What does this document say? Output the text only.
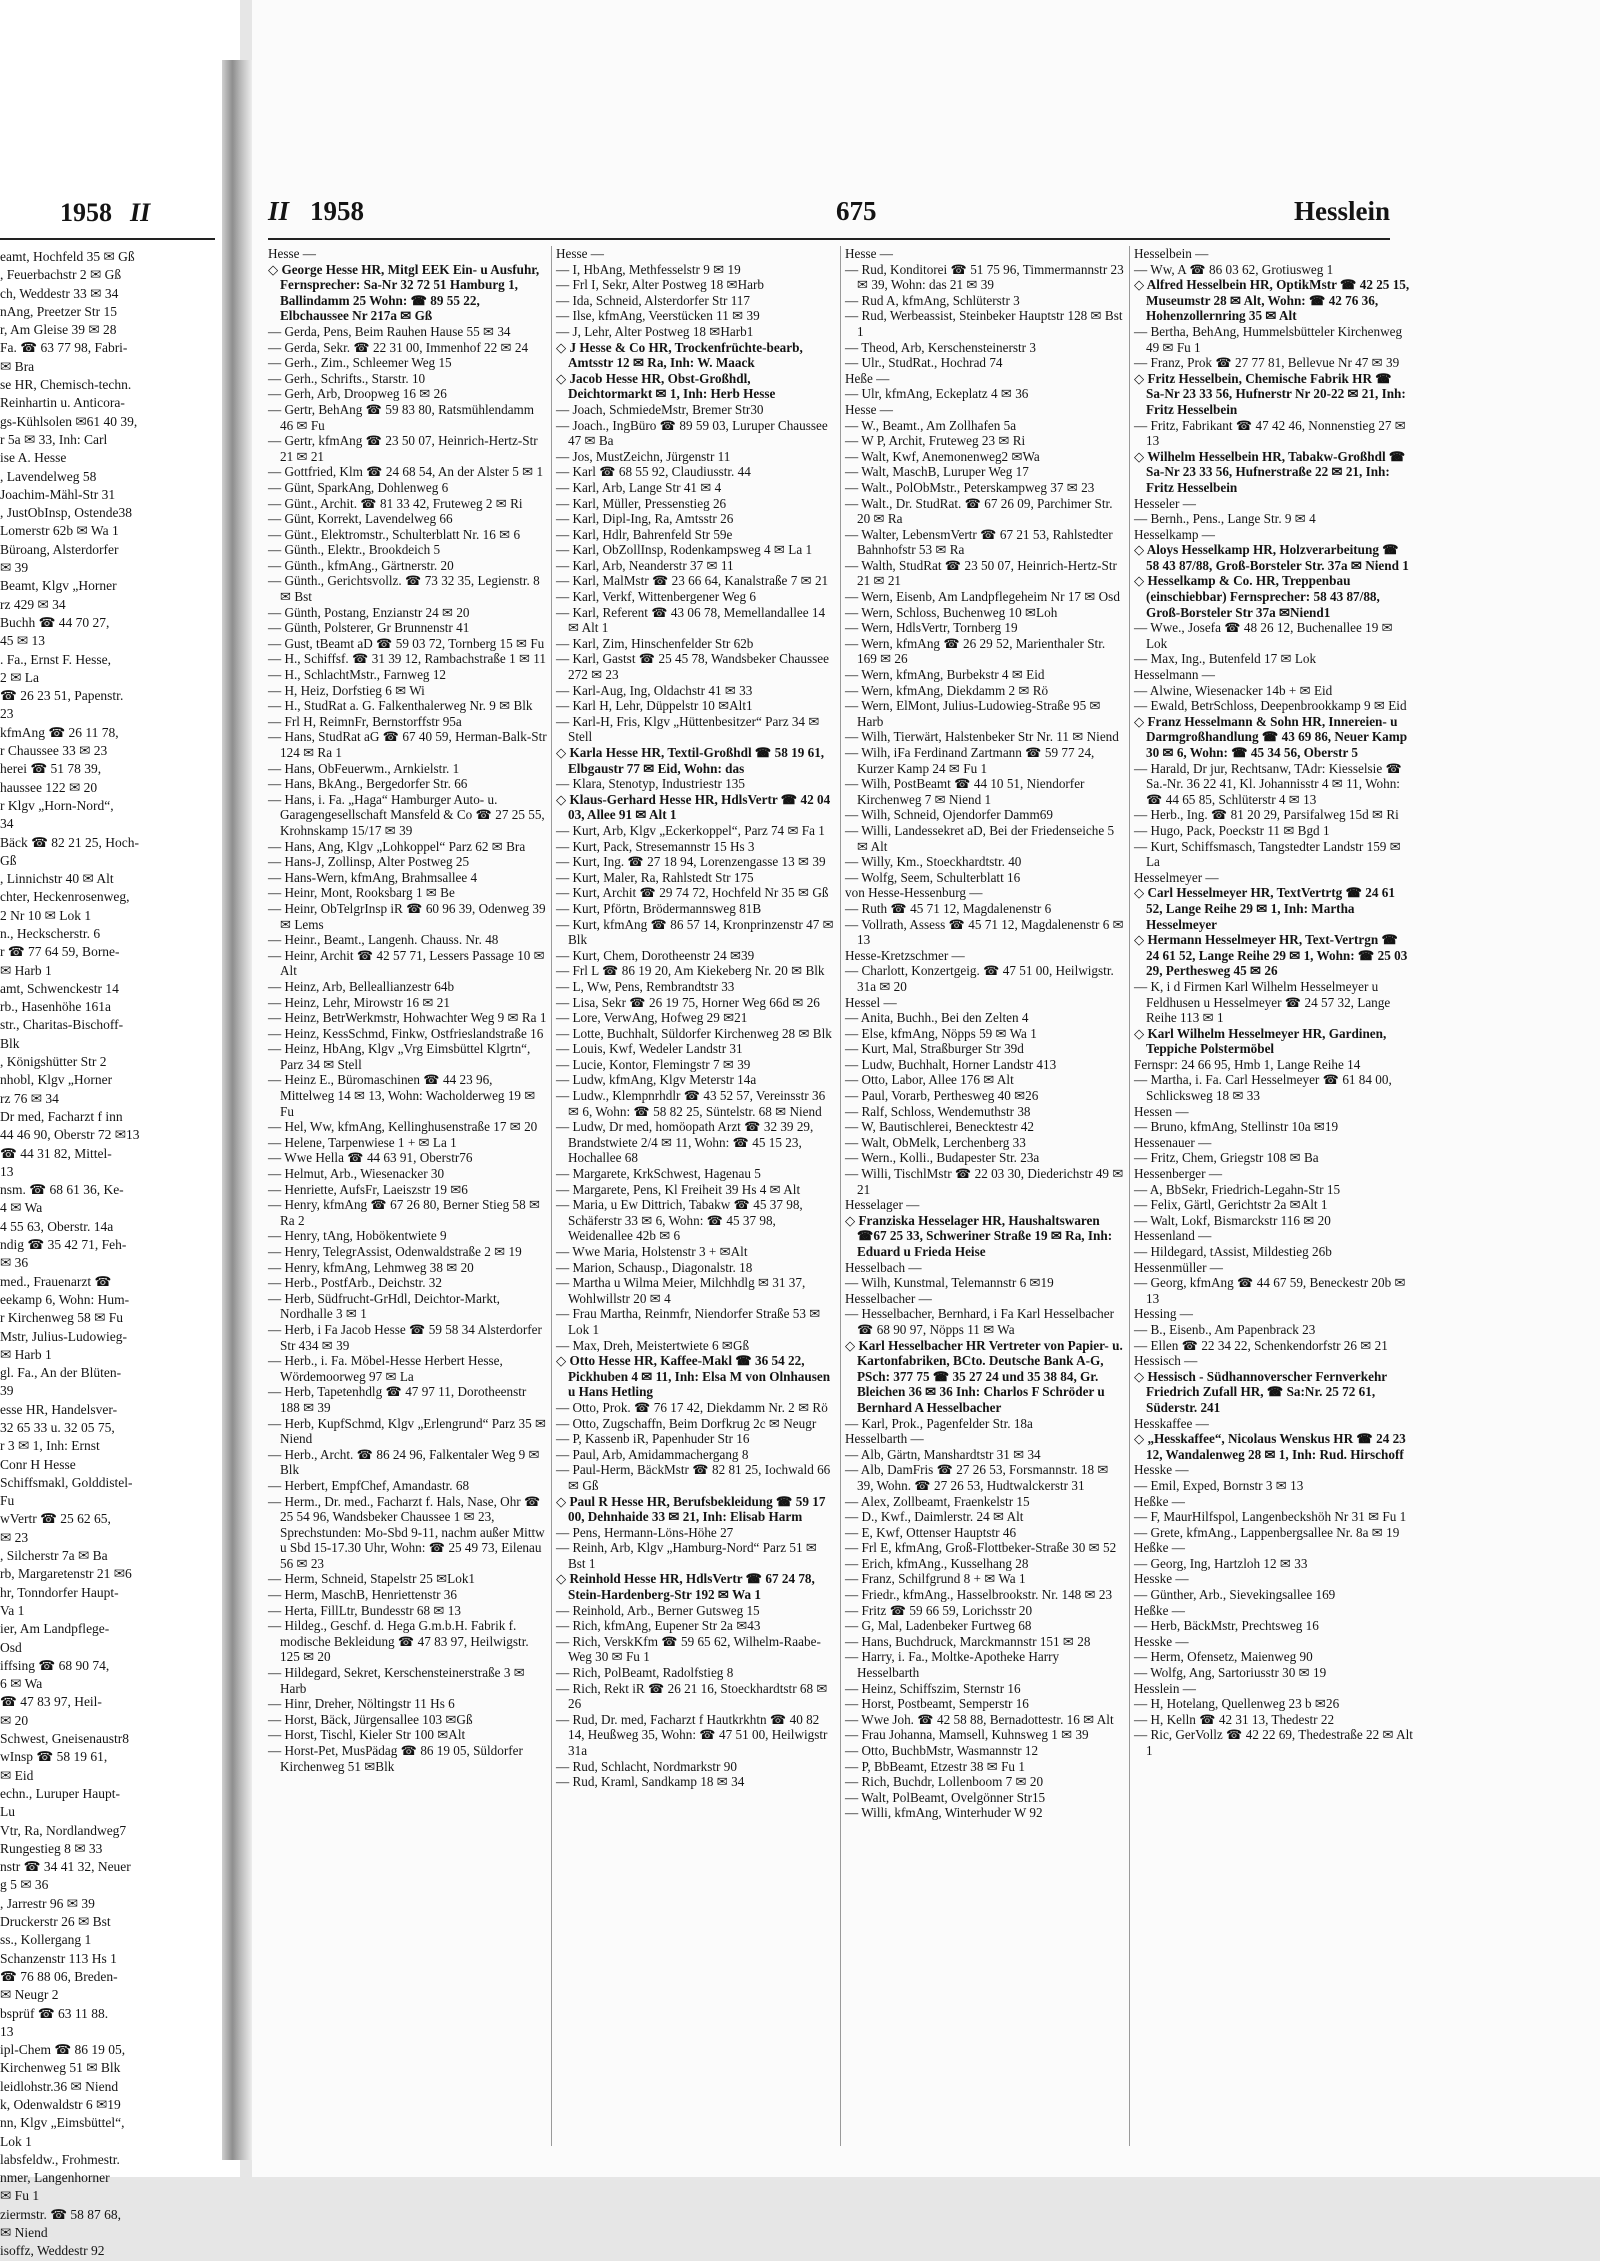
1958 II
eamt, Hochfeld 35 ✉ Gß
, Feuerbachstr 2 ✉ Gß
ch, Weddestr 33 ✉ 34
nAng, Preetzer Str 15
r, Am Gleise 39 ✉ 28
Fa. ☎ 63 77 98, Fabri-
✉ Bra
se HR, Chemisch-techn.
Reinhartin u. Anticora-
gs-Kühlsolen ✉61 40 39,
r 5a ✉ 33, Inh: Carl
ise A. Hesse
, Lavendelweg 58
Joachim-Mähl-Str 31
, JustObInsp, Ostende38
Lomerstr 62b ✉ Wa 1
Büroang, Alsterdorfer
✉ 39
Beamt, Klgv „Horner
rz 429 ✉ 34
Buchh ☎ 44 70 27,
45 ✉ 13
. Fa., Ernst F. Hesse,
2 ✉ La
☎ 26 23 51, Papenstr.
23
kfmAng ☎ 26 11 78,
r Chaussee 33 ✉ 23
herei ☎ 51 78 39,
haussee 122 ✉ 20
r Klgv „Horn-Nord“,
34
Bäck ☎ 82 21 25, Hoch-
Gß
, Linnichstr 40 ✉ Alt
chter, Heckenrosenweg,
2 Nr 10 ✉ Lok 1
n., Heckscherstr. 6
r ☎ 77 64 59, Borne-
✉ Harb 1
amt, Schwenckestr 14
rb., Hasenhöhe 161a
str., Charitas-Bischoff-
Blk
, Königshütter Str 2
nhobl, Klgv „Horner
rz 76 ✉ 34
Dr med, Facharzt f inn
44 46 90, Oberstr 72 ✉13
☎ 44 31 82, Mittel-
13
nsm. ☎ 68 61 36, Ke-
4 ✉ Wa
4 55 63, Oberstr. 14a
ndig ☎ 35 42 71, Feh-
✉ 36
med., Frauenarzt ☎
eekamp 6, Wohn: Hum-
r Kirchenweg 58 ✉ Fu
Mstr, Julius-Ludowieg-
✉ Harb 1
gl. Fa., An der Blüten-
39
esse HR, Handelsver-
32 65 33 u. 32 05 75,
r 3 ✉ 1, Inh: Ernst
Conr H Hesse
Schiffsmakl, Golddistel-
Fu
wVertr ☎ 25 62 65,
✉ 23
, Silcherstr 7a ✉ Ba
rb, Margaretenstr 21 ✉6
hr, Tonndorfer Haupt-
Va 1
ier, Am Landpflege-
Osd
iffsing ☎ 68 90 74,
6 ✉ Wa
☎ 47 83 97, Heil-
✉ 20
Schwest, Gneisenaustr8
wInsp ☎ 58 19 61,
✉ Eid
echn., Luruper Haupt-
Lu
Vtr, Ra, Nordlandweg7
Rungestieg 8 ✉ 33
nstr ☎ 34 41 32, Neuer
g 5 ✉ 36
, Jarrestr 96 ✉ 39
Druckerstr 26 ✉ Bst
ss., Kollergang 1
Schanzenstr 113 Hs 1
☎ 76 88 06, Breden-
✉ Neugr 2
bsprüf ☎ 63 11 88.
13
ipl-Chem ☎ 86 19 05,
Kirchenweg 51 ✉ Blk
leidlohstr.36 ✉ Niend
k, Odenwaldstr 6 ✉19
nn, Klgv „Eimsbüttel“,
Lok 1
labsfeldw., Frohmestr.
nmer, Langenhorner
✉ Fu 1
ziermstr. ☎ 58 87 68,
✉ Niend
isoffz, Weddestr 92
II 1958	675	Hesslein
Hesse —
◇ George Hesse HR, Mitgl EEK Ein- u Ausfuhr, Fernsprecher: Sa-Nr 32 72 51 Hamburg 1, Ballindamm 25 Wohn: ☎ 89 55 22, Elbchaussee Nr 217a ✉ Gß
— Gerda, Pens, Beim Rauhen Hause 55 ✉ 34
— Gerda, Sekr. ☎ 22 31 00, Immenhof 22 ✉ 24
— Gerh., Zim., Schleemer Weg 15
— Gerh., Schrifts., Starstr. 10
— Gerh, Arb, Droopweg 16 ✉ 26
— Gertr, BehAng ☎ 59 83 80, Ratsmühlendamm 46 ✉ Fu
— Gertr, kfmAng ☎ 23 50 07, Heinrich-Hertz-Str 21 ✉ 21
— Gottfried, Klm ☎ 24 68 54, An der Alster 5 ✉ 1
— Günt, SparkAng, Dohlenweg 6
— Günt., Archit. ☎ 81 33 42, Fruteweg 2 ✉ Ri
— Günt, Korrekt, Lavendelweg 66
— Günt., Elektromstr., Schulterblatt Nr. 16 ✉ 6
— Günth., Elektr., Brookdeich 5
— Günth., kfmAng., Gärtnerstr. 20
— Günth., Gerichtsvollz. ☎ 73 32 35, Legienstr. 8 ✉ Bst
— Günth, Postang, Enzianstr 24 ✉ 20
— Günth, Polsterer, Gr Brunnenstr 41
— Gust, tBeamt aD ☎ 59 03 72, Tornberg 15 ✉ Fu
— H., Schiffsf. ☎ 31 39 12, Rambachstraße 1 ✉ 11
— H., SchlachtMstr., Farnweg 12
— H, Heiz, Dorfstieg 6 ✉ Wi
— H., StudRat a. G. Falkenthalerweg Nr. 9 ✉ Blk
— Frl H, ReimnFr, Bernstorffstr 95a
— Hans, StudRat aG ☎ 67 40 59, Herman-Balk-Str 124 ✉ Ra 1
— Hans, ObFeuerwm., Arnkielstr. 1
— Hans, BkAng., Bergedorfer Str. 66
— Hans, i. Fa. „Haga“ Hamburger Auto- u. Garagengesellschaft Mansfeld & Co ☎ 27 25 55, Krohnskamp 15/17 ✉ 39
— Hans, Ang, Klgv „Lohkoppel“ Parz 62 ✉ Bra
— Hans-J, Zollinsp, Alter Postweg 25
— Hans-Wern, kfmAng, Brahmsallee 4
— Heinr, Mont, Rooksbarg 1 ✉ Be
— Heinr, ObTelgrInsp iR ☎ 60 96 39, Odenweg 39 ✉ Lems
— Heinr., Beamt., Langenh. Chauss. Nr. 48
— Heinr, Archit ☎ 42 57 71, Lessers Passage 10 ✉ Alt
— Heinz, Arb, Belleallianzestr 64b
— Heinz, Lehr, Mirowstr 16 ✉ 21
— Heinz, BetrWerkmstr, Hohwachter Weg 9 ✉ Ra 1
— Heinz, KessSchmd, Finkw, Ostfrieslandstraße 16
— Heinz, HbAng, Klgv „Vrg Eimsbüttel Klgrtn“, Parz 34 ✉ Stell
— Heinz E., Büromaschinen ☎ 44 23 96, Mittelweg 14 ✉ 13, Wohn: Wacholderweg 19 ✉ Fu
— Hel, Ww, kfmAng, Kellinghusenstraße 17 ✉ 20
— Helene, Tarpenwiese 1 + ✉ La 1
— Wwe Hella ☎ 44 63 91, Oberstr76
— Helmut, Arb., Wiesenacker 30
— Henriette, AufsFr, Laeiszstr 19 ✉6
— Henry, kfmAng ☎ 67 26 80, Berner Stieg 58 ✉ Ra 2
— Henry, tAng, Hobökentwiete 9
— Henry, TelegrAssist, Odenwaldstraße 2 ✉ 19
— Henry, kfmAng, Lehmweg 38 ✉ 20
— Herb., PostfArb., Deichstr. 32
— Herb, Südfrucht-GrHdl, Deichtor-Markt, Nordhalle 3 ✉ 1
— Herb, i Fa Jacob Hesse ☎ 59 58 34 Alsterdorfer Str 434 ✉ 39
— Herb., i. Fa. Möbel-Hesse Herbert Hesse, Wördemoorweg 97 ✉ La
— Herb, Tapetenhdlg ☎ 47 97 11, Dorotheenstr 188 ✉ 39
— Herb, KupfSchmd, Klgv „Erlengrund“ Parz 35 ✉ Niend
— Herb., Archt. ☎ 86 24 96, Falkentaler Weg 9 ✉ Blk
— Herbert, EmpfChef, Amandastr. 68
— Herm., Dr. med., Facharzt f. Hals, Nase, Ohr ☎ 25 54 96, Wandsbeker Chaussee 1 ✉ 23, Sprechstunden: Mo-Sbd 9-11, nachm außer Mittw u Sbd 15-17.30 Uhr, Wohn: ☎ 25 49 73, Eilenau 56 ✉ 23
— Herm, Schneid, Stapelstr 25 ✉Lok1
— Herm, MaschB, Henriettenstr 36
— Herta, FillLtr, Bundesstr 68 ✉ 13
— Hildeg., Geschf. d. Hega G.m.b.H. Fabrik f. modische Bekleidung ☎ 47 83 97, Heilwigstr. 125 ✉ 20
— Hildegard, Sekret, Kerschensteinerstraße 3 ✉ Harb
— Hinr, Dreher, Nöltingstr 11 Hs 6
— Horst, Bäck, Jürgensallee 103 ✉Gß
— Horst, Tischl, Kieler Str 100 ✉Alt
— Horst-Pet, MusPädag ☎ 86 19 05, Süldorfer Kirchenweg 51 ✉Blk
Hesse —
— I, HbAng, Methfesselstr 9 ✉ 19
— Frl I, Sekr, Alter Postweg 18 ✉Harb
— Ida, Schneid, Alsterdorfer Str 117
— Ilse, kfmAng, Veerstücken 11 ✉ 39
— J, Lehr, Alter Postweg 18 ✉Harb1
◇ J Hesse & Co HR, Trockenfrüchte-bearb, Amtsstr 12 ✉ Ra, Inh: W. Maack
◇ Jacob Hesse HR, Obst-Großhdl, Deichtormarkt ✉ 1, Inh: Herb Hesse
— Joach, SchmiedeMstr, Bremer Str30
— Joach., IngBüro ☎ 89 59 03, Luruper Chaussee 47 ✉ Ba
— Jos, MustZeichn, Jürgenstr 11
— Karl ☎ 68 55 92, Claudiusstr. 44
— Karl, Arb, Lange Str 41 ✉ 4
— Karl, Müller, Pressenstieg 26
— Karl, Dipl-Ing, Ra, Amtsstr 26
— Karl, Hdlr, Bahrenfeld Str 59e
— Karl, ObZollInsp, Rodenkampsweg 4 ✉ La 1
— Karl, Arb, Neanderstr 37 ✉ 11
— Karl, MalMstr ☎ 23 66 64, Kanalstraße 7 ✉ 21
— Karl, Verkf, Wittenbergener Weg 6
— Karl, Referent ☎ 43 06 78, Memellandallee 14 ✉ Alt 1
— Karl, Zim, Hinschenfelder Str 62b
— Karl, Gastst ☎ 25 45 78, Wandsbeker Chaussee 272 ✉ 23
— Karl-Aug, Ing, Oldachstr 41 ✉ 33
— Karl H, Lehr, Düppelstr 10 ✉Alt1
— Karl-H, Fris, Klgv „Hüttenbesitzer“ Parz 34 ✉ Stell
◇ Karla Hesse HR, Textil-Großhdl ☎ 58 19 61, Elbgaustr 77 ✉ Eid, Wohn: das
— Klara, Stenotyp, Industriestr 135
◇ Klaus-Gerhard Hesse HR, HdlsVertr ☎ 42 04 03, Allee 91 ✉ Alt 1
— Kurt, Arb, Klgv „Eckerkoppel“, Parz 74 ✉ Fa 1
— Kurt, Pack, Stresemannstr 15 Hs 3
— Kurt, Ing. ☎ 27 18 94, Lorenzengasse 13 ✉ 39
— Kurt, Maler, Ra, Rahlstedt Str 175
— Kurt, Archit ☎ 29 74 72, Hochfeld Nr 35 ✉ Gß
— Kurt, Pförtn, Brödermannsweg 81B
— Kurt, kfmAng ☎ 86 57 14, Kronprinzenstr 47 ✉ Blk
— Kurt, Chem, Dorotheenstr 24 ✉39
— Frl L ☎ 86 19 20, Am Kiekeberg Nr. 20 ✉ Blk
— L, Ww, Pens, Rembrandtstr 33
— Lisa, Sekr ☎ 26 19 75, Horner Weg 66d ✉ 26
— Lore, VerwAng, Hofweg 29 ✉21
— Lotte, Buchhalt, Süldorfer Kirchenweg 28 ✉ Blk
— Louis, Kwf, Wedeler Landstr 31
— Lucie, Kontor, Flemingstr 7 ✉ 39
— Ludw, kfmAng, Klgv Meterstr 14a
— Ludw., Klempnrhdlr ☎ 43 52 57, Vereinsstr 36 ✉ 6, Wohn: ☎ 58 82 25, Süntelstr. 68 ✉ Niend
— Ludw, Dr med, homöopath Arzt ☎ 32 39 29, Brandstwiete 2/4 ✉ 11, Wohn: ☎ 45 15 23, Hochallee 68
— Margarete, KrkSchwest, Hagenau 5
— Margarete, Pens, Kl Freiheit 39 Hs 4 ✉ Alt
— Maria, u Ew Dittrich, Tabakw ☎ 45 37 98, Schäferstr 33 ✉ 6, Wohn: ☎ 45 37 98, Weidenallee 42b ✉ 6
— Wwe Maria, Holstenstr 3 + ✉Alt
— Marion, Schausp., Diagonalstr. 18
— Martha u Wilma Meier, Milchhdlg ✉ 31 37, Wohlwillstr 20 ✉ 4
— Frau Martha, Reinmfr, Niendorfer Straße 53 ✉ Lok 1
— Max, Dreh, Meistertwiete 6 ✉Gß
◇ Otto Hesse HR, Kaffee-Makl ☎ 36 54 22, Pickhuben 4 ✉ 11, Inh: Elsa M von Olnhausen u Hans Hetling
— Otto, Prok. ☎ 76 17 42, Diekdamm Nr. 2 ✉ Rö
— Otto, Zugschaffn, Beim Dorfkrug 2c ✉ Neugr
— P, Kassenb iR, Papenhuder Str 16
— Paul, Arb, Amidammachergang 8
— Paul-Herm, BäckMstr ☎ 82 81 25, Iochwald 66 ✉ Gß
◇ Paul R Hesse HR, Berufsbekleidung ☎ 59 17 00, Dehnhaide 33 ✉ 21, Inh: Elisab Harm
— Pens, Hermann-Löns-Höhe 27
— Reinh, Arb, Klgv „Hamburg-Nord“ Parz 51 ✉ Bst 1
◇ Reinhold Hesse HR, HdlsVertr ☎ 67 24 78, Stein-Hardenberg-Str 192 ✉ Wa 1
— Reinhold, Arb., Berner Gutsweg 15
— Rich, kfmAng, Eupener Str 2a ✉43
— Rich, VerskKfm ☎ 59 65 62, Wilhelm-Raabe-Weg 30 ✉ Fu 1
— Rich, PolBeamt, Radolfstieg 8
— Rich, Rekt iR ☎ 26 21 16, Stoeckhardtstr 68 ✉ 26
— Rud, Dr. med, Facharzt f Hautkrkhtn ☎ 40 82 14, Heußweg 35, Wohn: ☎ 47 51 00, Heilwigstr 31a
— Rud, Schlacht, Nordmarkstr 90
— Rud, Kraml, Sandkamp 18 ✉ 34
Hesse —
— Rud, Konditorei ☎ 51 75 96, Timmermannstr 23 ✉ 39, Wohn: das 21 ✉ 39
— Rud A, kfmAng, Schlüterstr 3
— Rud, Werbeassist, Steinbeker Hauptstr 128 ✉ Bst 1
— Theod, Arb, Kerschensteinerstr 3
— Ulr., StudRat., Hochrad 74
Heße —
— Ulr, kfmAng, Eckeplatz 4 ✉ 36
Hesse —
— W., Beamt., Am Zollhafen 5a
— W P, Archit, Fruteweg 23 ✉ Ri
— Walt, Kwf, Anemonenweg2 ✉Wa
— Walt, MaschB, Luruper Weg 17
— Walt., PolObMstr., Peterskampweg 37 ✉ 23
— Walt., Dr. StudRat. ☎ 67 26 09, Parchimer Str. 20 ✉ Ra
— Walter, LebensmVertr ☎ 67 21 53, Rahlstedter Bahnhofstr 53 ✉ Ra
— Walth, StudRat ☎ 23 50 07, Heinrich-Hertz-Str 21 ✉ 21
— Wern, Eisenb, Am Landpflegeheim Nr 17 ✉ Osd
— Wern, Schloss, Buchenweg 10 ✉Loh
— Wern, HdlsVertr, Tornberg 19
— Wern, kfmAng ☎ 26 29 52, Marienthaler Str. 169 ✉ 26
— Wern, kfmAng, Burbekstr 4 ✉ Eid
— Wern, kfmAng, Diekdamm 2 ✉ Rö
— Wern, ElMont, Julius-Ludowieg-Straße 95 ✉ Harb
— Wilh, Tierwärt, Halstenbeker Str Nr. 11 ✉ Niend
— Wilh, iFa Ferdinand Zartmann ☎ 59 77 24, Kurzer Kamp 24 ✉ Fu 1
— Wilh, PostBeamt ☎ 44 10 51, Niendorfer Kirchenweg 7 ✉ Niend 1
— Wilh, Schneid, Ojendorfer Damm69
— Willi, Landessekret aD, Bei der Friedenseiche 5 ✉ Alt
— Willy, Km., Stoeckhardtstr. 40
— Wolfg, Seem, Schulterblatt 16
von Hesse-Hessenburg —
— Ruth ☎ 45 71 12, Magdalenenstr 6
— Vollrath, Assess ☎ 45 71 12, Magdalenenstr 6 ✉ 13
Hesse-Kretzschmer —
— Charlott, Konzertgeig. ☎ 47 51 00, Heilwigstr. 31a ✉ 20
Hessel —
— Anita, Buchh., Bei den Zelten 4
— Else, kfmAng, Nöpps 59 ✉ Wa 1
— Kurt, Mal, Straßburger Str 39d
— Ludw, Buchhalt, Horner Landstr 413
— Otto, Labor, Allee 176 ✉ Alt
— Paul, Vorarb, Perthesweg 40 ✉26
— Ralf, Schloss, Wendemuthstr 38
— W, Bautischlerei, Benecktestr 42
— Walt, ObMelk, Lerchenberg 33
— Wern., Kolli., Budapester Str. 23a
— Willi, TischlMstr ☎ 22 03 30, Diederichstr 49 ✉ 21
Hesselager —
◇ Franziska Hesselager HR, Haushaltswaren ☎67 25 33, Schweriner Straße 19 ✉ Ra, Inh: Eduard u Frieda Heise
Hesselbach —
— Wilh, Kunstmal, Telemannstr 6 ✉19
Hesselbacher —
— Hesselbacher, Bernhard, i Fa Karl Hesselbacher ☎ 68 90 97, Nöpps 11 ✉ Wa
◇ Karl Hesselbacher HR Vertreter von Papier- u. Kartonfabriken, BCto. Deutsche Bank A-G, PSch: 377 75 ☎ 35 27 24 und 35 38 84, Gr. Bleichen 36 ✉ 36 Inh: Charlos F Schröder u Bernhard A Hesselbacher
— Karl, Prok., Pagenfelder Str. 18a
Hesselbarth —
— Alb, Gärtn, Manshardtstr 31 ✉ 34
— Alb, DamFris ☎ 27 26 53, Forsmannstr. 18 ✉ 39, Wohn. ☎ 27 26 53, Hudtwalckerstr 31
— Alex, Zollbeamt, Fraenkelstr 15
— D., Kwf., Daimlerstr. 24 ✉ Alt
— E, Kwf, Ottenser Hauptstr 46
— Frl E, kfmAng, Groß-Flottbeker-Straße 30 ✉ 52
— Erich, kfmAng., Kusselhang 28
— Franz, Schilfgrund 8 + ✉ Wa 1
— Friedr., kfmAng., Hasselbrookstr. Nr. 148 ✉ 23
— Fritz ☎ 59 66 59, Lorichsstr 20
— G, Mal, Ladenbeker Furtweg 68
— Hans, Buchdruck, Marckmannstr 151 ✉ 28
— Harry, i. Fa., Moltke-Apotheke Harry Hesselbarth
— Heinz, Schiffszim, Sternstr 16
— Horst, Postbeamt, Semperstr 16
— Wwe Joh. ☎ 42 58 88, Bernadottestr. 16 ✉ Alt
— Frau Johanna, Mamsell, Kuhnsweg 1 ✉ 39
— Otto, BuchbMstr, Wasmannstr 12
— P, BbBeamt, Etzestr 38 ✉ Fu 1
— Rich, Buchdr, Lollenboom 7 ✉ 20
— Walt, PolBeamt, Ovelgönner Str15
— Willi, kfmAng, Winterhuder W 92
Hesselbein —
— Ww, A ☎ 86 03 62, Grotiusweg 1
◇ Alfred Hesselbein HR, OptikMstr ☎ 42 25 15, Museumstr 28 ✉ Alt, Wohn: ☎ 42 76 36, Hohenzollernring 35 ✉ Alt
— Bertha, BehAng, Hummelsbütteler Kirchenweg 49 ✉ Fu 1
— Franz, Prok ☎ 27 77 81, Bellevue Nr 47 ✉ 39
◇ Fritz Hesselbein, Chemische Fabrik HR ☎ Sa-Nr 23 33 56, Hufnerstr Nr 20-22 ✉ 21, Inh: Fritz Hesselbein
— Fritz, Fabrikant ☎ 47 42 46, Nonnenstieg 27 ✉ 13
◇ Wilhelm Hesselbein HR, Tabakw-Großhdl ☎ Sa-Nr 23 33 56, Hufnerstraße 22 ✉ 21, Inh: Fritz Hesselbein
Hesseler —
— Bernh., Pens., Lange Str. 9 ✉ 4
Hesselkamp —
◇ Aloys Hesselkamp HR, Holzverarbeitung ☎ 58 43 87/88, Groß-Borsteler Str. 37a ✉ Niend 1
◇ Hesselkamp & Co. HR, Treppenbau (einschiebbar) Fernsprecher: 58 43 87/88, Groß-Borsteler Str 37a ✉Niend1
— Wwe., Josefa ☎ 48 26 12, Buchenallee 19 ✉ Lok
— Max, Ing., Butenfeld 17 ✉ Lok
Hesselmann —
— Alwine, Wiesenacker 14b + ✉ Eid
— Ewald, BetrSchloss, Deepenbrookkamp 9 ✉ Eid
◇ Franz Hesselmann & Sohn HR, Innereien- u Darmgroßhandlung ☎ 43 69 86, Neuer Kamp 30 ✉ 6, Wohn: ☎ 45 34 56, Oberstr 5
— Harald, Dr jur, Rechtsanw, TAdr: Kiesselsie ☎ Sa.-Nr. 36 22 41, Kl. Johannisstr 4 ✉ 11, Wohn: ☎ 44 65 85, Schlüterstr 4 ✉ 13
— Herb., Ing. ☎ 81 20 29, Parsifalweg 15d ✉ Ri
— Hugo, Pack, Poeckstr 11 ✉ Bgd 1
— Kurt, Schiffsmasch, Tangstedter Landstr 159 ✉ La
Hesselmeyer —
◇ Carl Hesselmeyer HR, TextVertrtg ☎ 24 61 52, Lange Reihe 29 ✉ 1, Inh: Martha Hesselmeyer
◇ Hermann Hesselmeyer HR, Text-Vertrgn ☎ 24 61 52, Lange Reihe 29 ✉ 1, Wohn: ☎ 25 03 29, Perthesweg 45 ✉ 26
— K, i d Firmen Karl Wilhelm Hesselmeyer u Feldhusen u Hesselmeyer ☎ 24 57 32, Lange Reihe 113 ✉ 1
◇ Karl Wilhelm Hesselmeyer HR, Gardinen, Teppiche Polstermöbel
Fernspr: 24 66 95, Hmb 1, Lange Reihe 14
— Martha, i. Fa. Carl Hesselmeyer ☎ 61 84 00, Schlicksweg 18 ✉ 33
Hessen —
— Bruno, kfmAng, Stellinstr 10a ✉19
Hessenauer —
— Fritz, Chem, Griegstr 108 ✉ Ba
Hessenberger —
— A, BbSekr, Friedrich-Legahn-Str 15
— Felix, Gärtl, Gerichtstr 2a ✉Alt 1
— Walt, Lokf, Bismarckstr 116 ✉ 20
Hessenland —
— Hildegard, tAssist, Mildestieg 26b
Hessenmüller —
— Georg, kfmAng ☎ 44 67 59, Beneckestr 20b ✉ 13
Hessing —
— B., Eisenb., Am Papenbrack 23
— Ellen ☎ 22 34 22, Schenkendorfstr 26 ✉ 21
Hessisch —
◇ Hessisch - Südhannoverscher Fernverkehr Friedrich Zufall HR, ☎ Sa:Nr. 25 72 61, Süderstr. 241
Hesskaffee —
◇ „Hesskaffee“, Nicolaus Wenskus HR ☎ 24 23 12, Wandalenweg 28 ✉ 1, Inh: Rud. Hirschoff
Hesske —
— Emil, Exped, Bornstr 3 ✉ 13
Heßke —
— F, MaurHilfspol, Langenbeckshöh Nr 31 ✉ Fu 1
— Grete, kfmAng., Lappenbergsallee Nr. 8a ✉ 19
Heßke —
— Georg, Ing, Hartzloh 12 ✉ 33
Hesske —
— Günther, Arb., Sievekingsallee 169
Heßke —
— Herb, BäckMstr, Prechtsweg 16
Hesske —
— Herm, Ofensetz, Maienweg 90
— Wolfg, Ang, Sartoriusstr 30 ✉ 19
Hesslein —
— H, Hotelang, Quellenweg 23 b ✉26
— H, Kelln ☎ 42 31 13, Thedestr 22
— Ric, GerVollz ☎ 42 22 69, Thedestraße 22 ✉ Alt 1
